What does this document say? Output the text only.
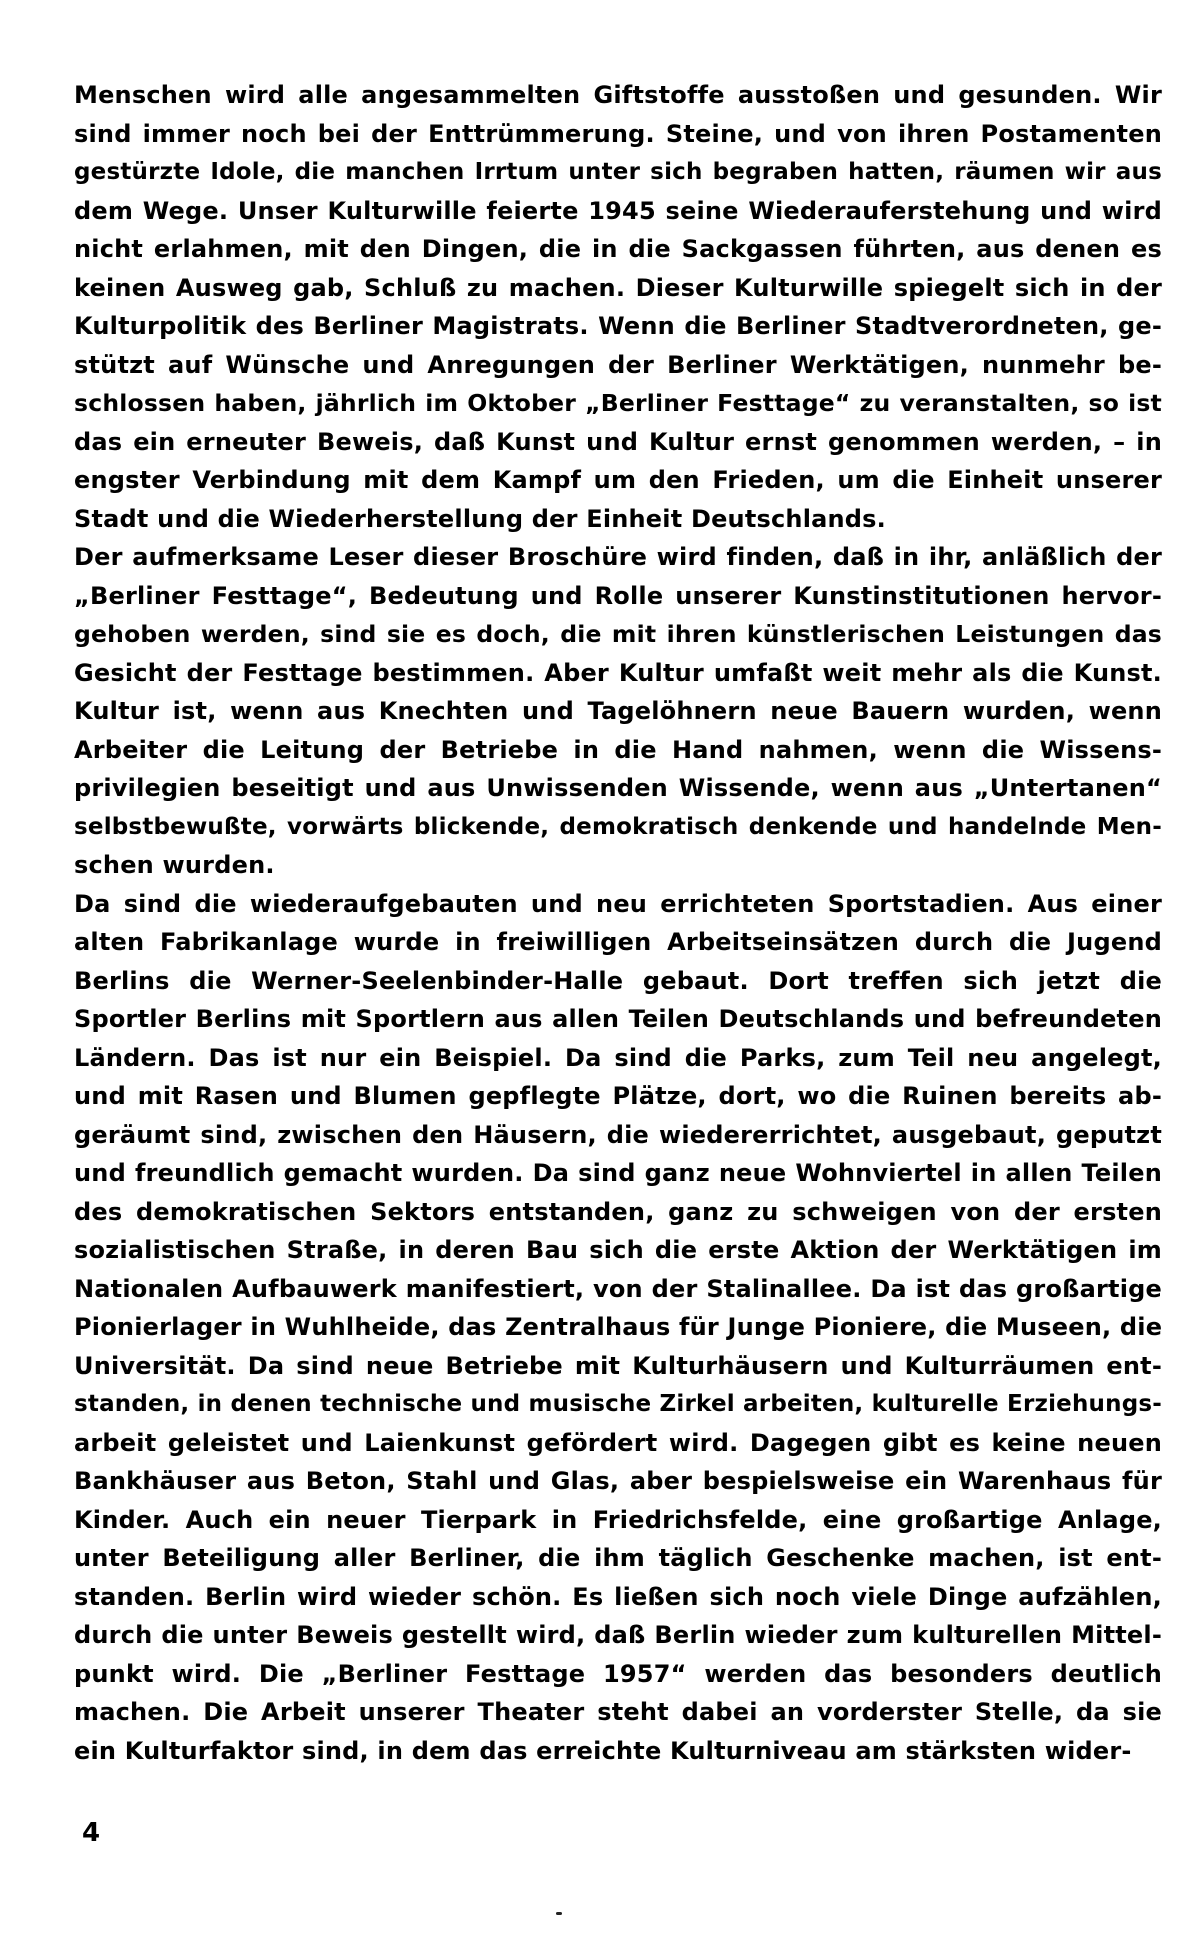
Menschen wird alle angesammelten Giftstoffe ausstoßen und gesunden. Wir
sind immer noch bei der Enttrümmerung. Steine, und von ihren Postamenten
gestürzte Idole, die manchen Irrtum unter sich begraben hatten, räumen wir aus
dem Wege. Unser Kulturwille feierte 1945 seine Wiederauferstehung und wird
nicht erlahmen, mit den Dingen, die in die Sackgassen führten, aus denen es
keinen Ausweg gab, Schluß zu machen. Dieser Kulturwille spiegelt sich in der
Kulturpolitik des Berliner Magistrats. Wenn die Berliner Stadtverordneten, ge-
stützt auf Wünsche und Anregungen der Berliner Werktätigen, nunmehr be-
schlossen haben, jährlich im Oktober „Berliner Festtage“ zu veranstalten, so ist
das ein erneuter Beweis, daß Kunst und Kultur ernst genommen werden, – in
engster Verbindung mit dem Kampf um den Frieden, um die Einheit unserer
Stadt und die Wiederherstellung der Einheit Deutschlands.
Der aufmerksame Leser dieser Broschüre wird finden, daß in ihr, anläßlich der
„Berliner Festtage“, Bedeutung und Rolle unserer Kunstinstitutionen hervor-
gehoben werden, sind sie es doch, die mit ihren künstlerischen Leistungen das
Gesicht der Festtage bestimmen. Aber Kultur umfaßt weit mehr als die Kunst.
Kultur ist, wenn aus Knechten und Tagelöhnern neue Bauern wurden, wenn
Arbeiter die Leitung der Betriebe in die Hand nahmen, wenn die Wissens-
privilegien beseitigt und aus Unwissenden Wissende, wenn aus „Untertanen“
selbstbewußte, vorwärts blickende, demokratisch denkende und handelnde Men-
schen wurden.
Da sind die wiederaufgebauten und neu errichteten Sportstadien. Aus einer
alten Fabrikanlage wurde in freiwilligen Arbeitseinsätzen durch die Jugend
Berlins die Werner-Seelenbinder-Halle gebaut. Dort treffen sich jetzt die
Sportler Berlins mit Sportlern aus allen Teilen Deutschlands und befreundeten
Ländern. Das ist nur ein Beispiel. Da sind die Parks, zum Teil neu angelegt,
und mit Rasen und Blumen gepflegte Plätze, dort, wo die Ruinen bereits ab-
geräumt sind, zwischen den Häusern, die wiedererrichtet, ausgebaut, geputzt
und freundlich gemacht wurden. Da sind ganz neue Wohnviertel in allen Teilen
des demokratischen Sektors entstanden, ganz zu schweigen von der ersten
sozialistischen Straße, in deren Bau sich die erste Aktion der Werktätigen im
Nationalen Aufbauwerk manifestiert, von der Stalinallee. Da ist das großartige
Pionierlager in Wuhlheide, das Zentralhaus für Junge Pioniere, die Museen, die
Universität. Da sind neue Betriebe mit Kulturhäusern und Kulturräumen ent-
standen, in denen technische und musische Zirkel arbeiten, kulturelle Erziehungs-
arbeit geleistet und Laienkunst gefördert wird. Dagegen gibt es keine neuen
Bankhäuser aus Beton, Stahl und Glas, aber bespielsweise ein Warenhaus für
Kinder. Auch ein neuer Tierpark in Friedrichsfelde, eine großartige Anlage,
unter Beteiligung aller Berliner, die ihm täglich Geschenke machen, ist ent-
standen. Berlin wird wieder schön. Es ließen sich noch viele Dinge aufzählen,
durch die unter Beweis gestellt wird, daß Berlin wieder zum kulturellen Mittel-
punkt wird. Die „Berliner Festtage 1957“ werden das besonders deutlich
machen. Die Arbeit unserer Theater steht dabei an vorderster Stelle, da sie
ein Kulturfaktor sind, in dem das erreichte Kulturniveau am stärksten wider-
4
